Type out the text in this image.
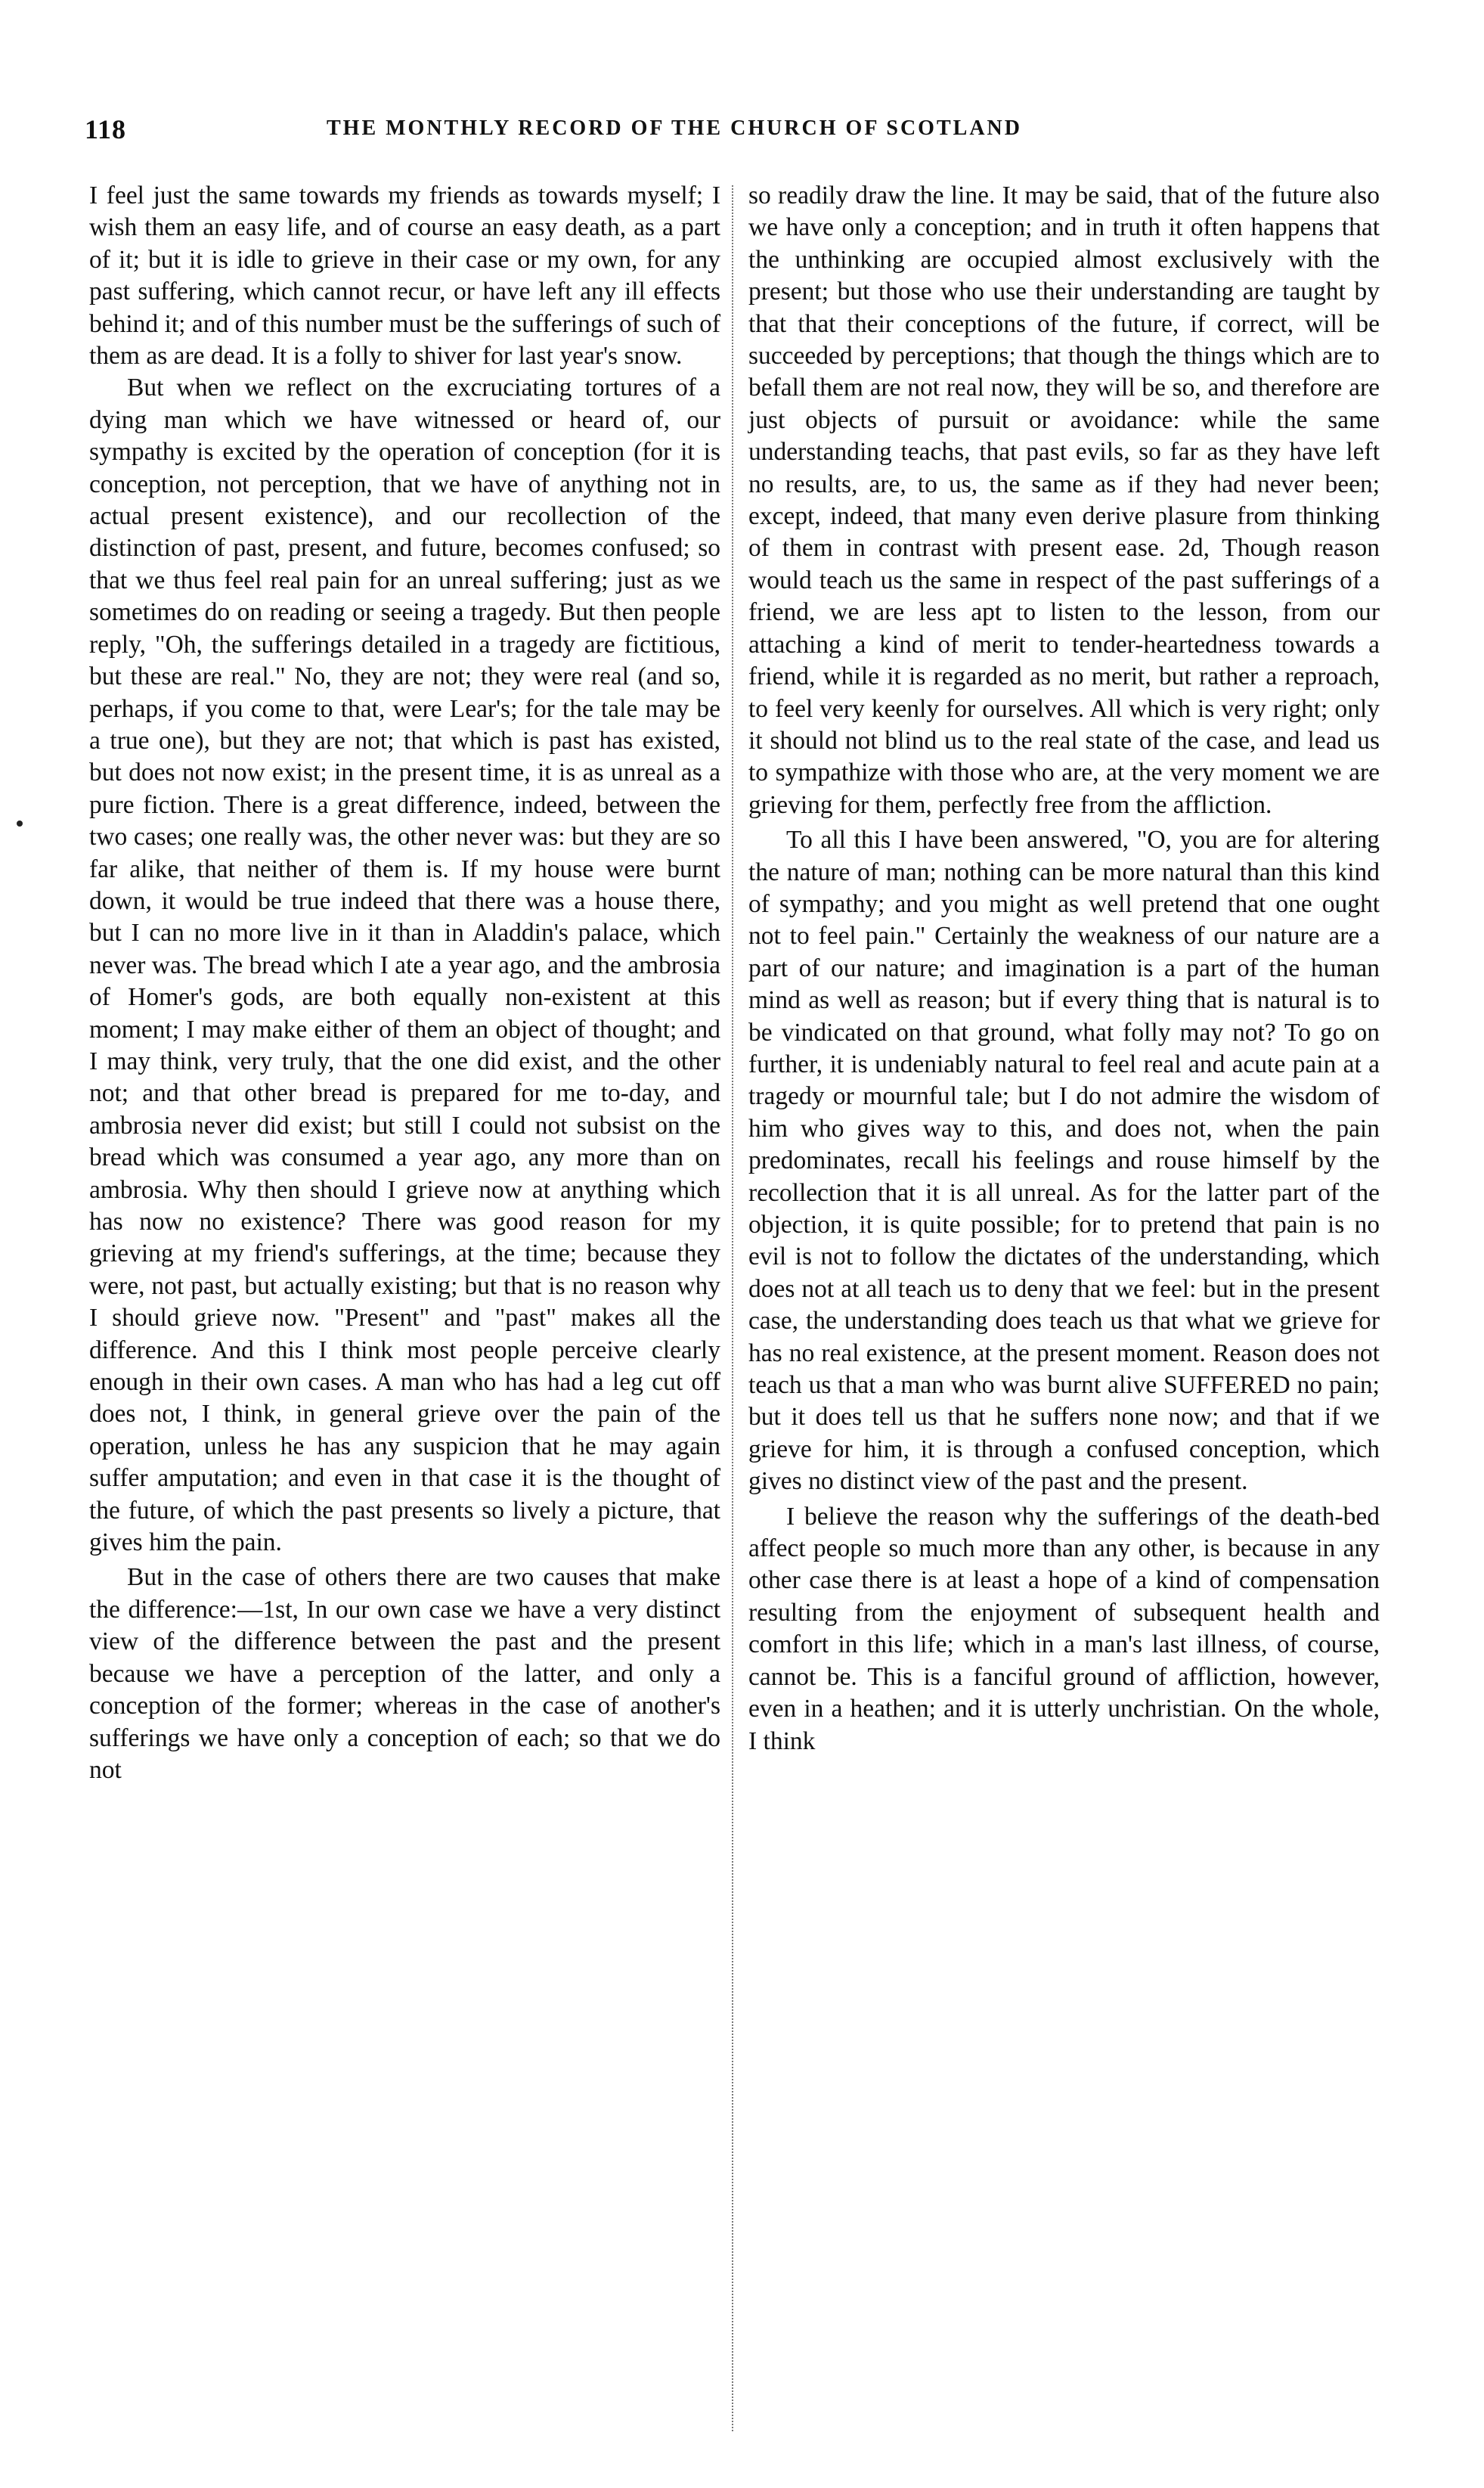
118	THE MONTHLY RECORD OF THE CHURCH OF SCOTLAND

I feel just the same towards my friends as towards myself; I wish them an easy life, and of course an easy death, as a part of it; but it is idle to grieve in their case or my own, for any past suffering, which cannot recur, or have left any ill effects behind it; and of this number must be the sufferings of such of them as are dead. It is a folly to shiver for last year's snow.

But when we reflect on the excruciating tortures of a dying man which we have witnessed or heard of, our sympathy is excited by the operation of conception (for it is conception, not perception, that we have of anything not in actual present existence), and our recollection of the distinction of past, present, and future, becomes confused; so that we thus feel real pain for an unreal suffering; just as we sometimes do on reading or seeing a tragedy. But then people reply, "Oh, the sufferings detailed in a tragedy are fictitious, but these are real." No, they are not; they were real (and so, perhaps, if you come to that, were Lear's; for the tale may be a true one), but they are not; that which is past has existed, but does not now exist; in the present time, it is as unreal as a pure fiction. There is a great difference, indeed, between the two cases; one really was, the other never was: but they are so far alike, that neither of them is. If my house were burnt down, it would be true indeed that there was a house there, but I can no more live in it than in Aladdin's palace, which never was. The bread which I ate a year ago, and the ambrosia of Homer's gods, are both equally non-existent at this moment; I may make either of them an object of thought; and I may think, very truly, that the one did exist, and the other not; and that other bread is prepared for me to-day, and ambrosia never did exist; but still I could not subsist on the bread which was consumed a year ago, any more than on ambrosia. Why then should I grieve now at anything which has now no existence? There was good reason for my grieving at my friend's sufferings, at the time; because they were, not past, but actually existing; but that is no reason why I should grieve now. "Present" and "past" makes all the difference. And this I think most people perceive clearly enough in their own cases. A man who has had a leg cut off does not, I think, in general grieve over the pain of the operation, unless he has any suspicion that he may again suffer amputation; and even in that case it is the thought of the future, of which the past presents so lively a picture, that gives him the pain.

But in the case of others there are two causes that make the difference:—1st, In our own case we have a very distinct view of the difference between the past and the present because we have a perception of the latter, and only a conception of the former; whereas in the case of another's sufferings we have only a conception of each; so that we do not

so readily draw the line. It may be said, that of the future also we have only a conception; and in truth it often happens that the unthinking are occupied almost exclusively with the present; but those who use their understanding are taught by that that their conceptions of the future, if correct, will be succeeded by perceptions; that though the things which are to befall them are not real now, they will be so, and therefore are just objects of pursuit or avoidance: while the same understanding teachs, that past evils, so far as they have left no results, are, to us, the same as if they had never been; except, indeed, that many even derive plasure from thinking of them in contrast with present ease. 2d, Though reason would teach us the same in respect of the past sufferings of a friend, we are less apt to listen to the lesson, from our attaching a kind of merit to tender-heartedness towards a friend, while it is regarded as no merit, but rather a reproach, to feel very keenly for ourselves. All which is very right; only it should not blind us to the real state of the case, and lead us to sympathize with those who are, at the very moment we are grieving for them, perfectly free from the affliction.

To all this I have been answered, "O, you are for altering the nature of man; nothing can be more natural than this kind of sympathy; and you might as well pretend that one ought not to feel pain." Certainly the weakness of our nature are a part of our nature; and imagination is a part of the human mind as well as reason; but if every thing that is natural is to be vindicated on that ground, what folly may not? To go on further, it is undeniably natural to feel real and acute pain at a tragedy or mournful tale; but I do not admire the wisdom of him who gives way to this, and does not, when the pain predominates, recall his feelings and rouse himself by the recollection that it is all unreal. As for the latter part of the objection, it is quite possible; for to pretend that pain is no evil is not to follow the dictates of the understanding, which does not at all teach us to deny that we feel: but in the present case, the understanding does teach us that what we grieve for has no real existence, at the present moment. Reason does not teach us that a man who was burnt alive SUFFERED no pain; but it does tell us that he suffers none now; and that if we grieve for him, it is through a confused conception, which gives no distinct view of the past and the present.

I believe the reason why the sufferings of the death-bed affect people so much more than any other, is because in any other case there is at least a hope of a kind of compensation resulting from the enjoyment of subsequent health and comfort in this life; which in a man's last illness, of course, cannot be. This is a fanciful ground of affliction, however, even in a heathen; and it is utterly unchristian. On the whole, I think
